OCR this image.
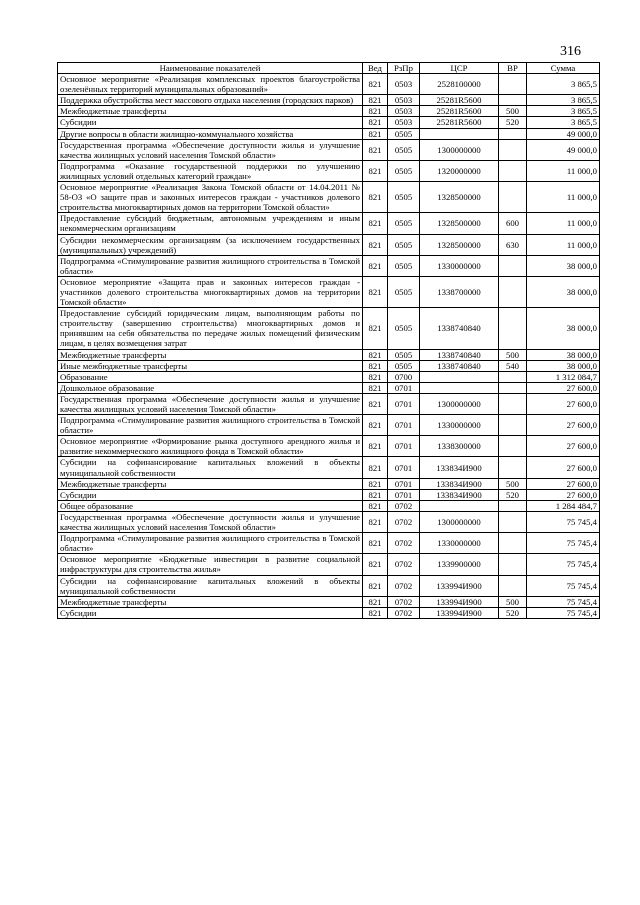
316
Наименование показателей	Вед	РзПр	ЦСР	ВР	Сумма
Основное мероприятие «Реализация комплексных проектов благоустройства озеленённых территорий муниципальных образований»	821	0503	2528100000		3 865,5
Поддержка обустройства мест массового отдыха населения (городских парков)	821	0503	25281R5600		3 865,5
Межбюджетные трансферты	821	0503	25281R5600	500	3 865,5
Субсидии	821	0503	25281R5600	520	3 865,5
Другие вопросы в области жилищно-коммунального хозяйства	821	0505			49 000,0
Государственная программа «Обеспечение доступности жилья и улучшение качества жилищных условий населения Томской области»	821	0505	1300000000		49 000,0
Подпрограмма «Оказание государственной поддержки по улучшению жилищных условий отдельных категорий граждан»	821	0505	1320000000		11 000,0
Основное мероприятие «Реализация Закона Томской области от 14.04.2011 № 58-ОЗ «О защите прав и законных интересов граждан - участников долевого строительства многоквартирных домов на территории Томской области»	821	0505	1328500000		11 000,0
Предоставление субсидий бюджетным, автономным учреждениям и иным некоммерческим организациям	821	0505	1328500000	600	11 000,0
Субсидии некоммерческим организациям (за исключением государственных (муниципальных) учреждений)	821	0505	1328500000	630	11 000,0
Подпрограмма «Стимулирование развития жилищного строительства в Томской области»	821	0505	1330000000		38 000,0
Основное мероприятие «Защита прав и законных интересов граждан - участников долевого строительства многоквартирных домов на территории Томской области»	821	0505	1338700000		38 000,0
Предоставление субсидий юридическим лицам, выполняющим работы по строительству (завершению строительства) многоквартирных домов и принявшим на себя обязательства по передаче жилых помещений физическим лицам, в целях возмещения затрат	821	0505	1338740840		38 000,0
Межбюджетные трансферты	821	0505	1338740840	500	38 000,0
Иные межбюджетные трансферты	821	0505	1338740840	540	38 000,0
Образование	821	0700			1 312 084,7
Дошкольное образование	821	0701			27 600,0
Государственная программа «Обеспечение доступности жилья и улучшение качества жилищных условий населения Томской области»	821	0701	1300000000		27 600,0
Подпрограмма «Стимулирование развития жилищного строительства в Томской области»	821	0701	1330000000		27 600,0
Основное мероприятие «Формирование рынка доступного арендного жилья и развитие некоммерческого жилищного фонда в Томской области»	821	0701	1338300000		27 600,0
Субсидии на софинансирование капитальных вложений в объекты муниципальной собственности	821	0701	133834И900		27 600,0
Межбюджетные трансферты	821	0701	133834И900	500	27 600,0
Субсидии	821	0701	133834И900	520	27 600,0
Общее образование	821	0702			1 284 484,7
Государственная программа «Обеспечение доступности жилья и улучшение качества жилищных условий населения Томской области»	821	0702	1300000000		75 745,4
Подпрограмма «Стимулирование развития жилищного строительства в Томской области»	821	0702	1330000000		75 745,4
Основное мероприятие «Бюджетные инвестиции в развитие социальной инфраструктуры для строительства жилья»	821	0702	1339900000		75 745,4
Субсидии на софинансирование капитальных вложений в объекты муниципальной собственности	821	0702	133994И900		75 745,4
Межбюджетные трансферты	821	0702	133994И900	500	75 745,4
Субсидии	821	0702	133994И900	520	75 745,4
